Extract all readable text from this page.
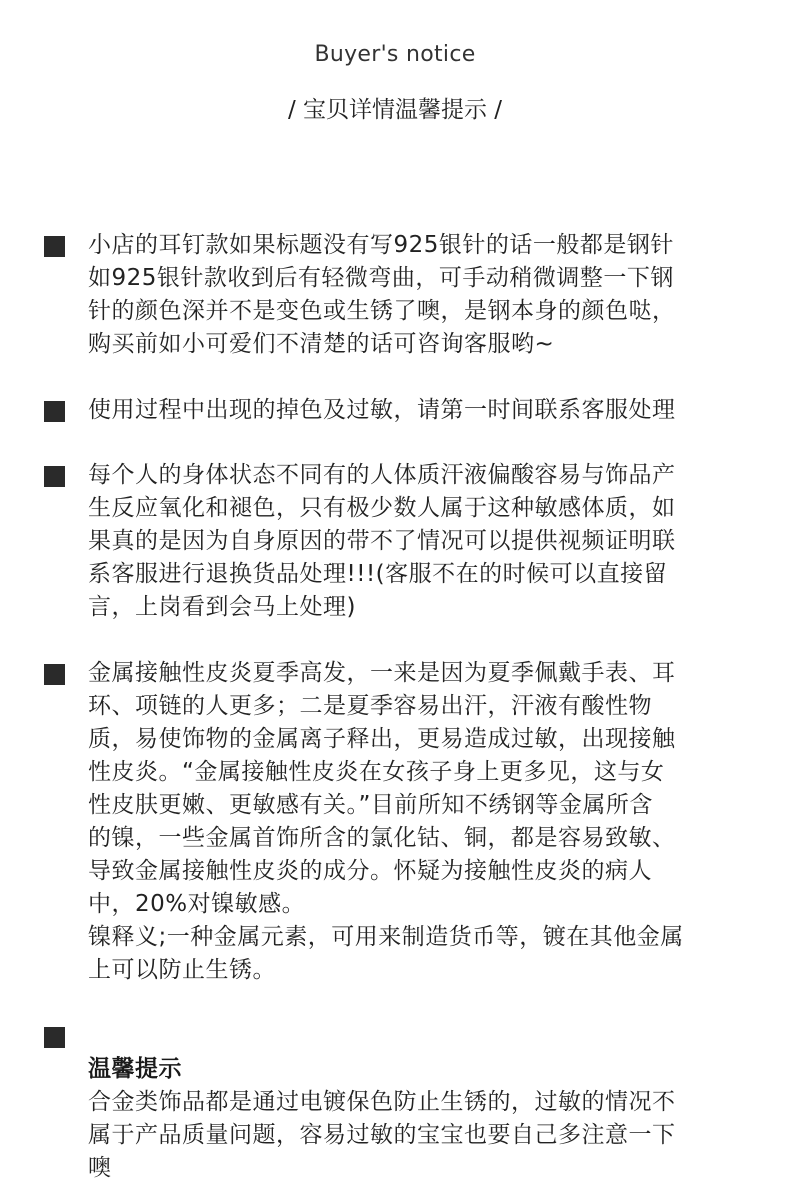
Buyer's notice
/ 宝贝详情温馨提示 /
小店的耳钉款如果标题没有写925银针的话一般都是钢针
如925银针款收到后有轻微弯曲，可手动稍微调整一下钢
针的颜色深并不是变色或生锈了噢，是钢本身的颜色哒，
购买前如小可爱们不清楚的话可咨询客服哟~
使用过程中出现的掉色及过敏，请第一时间联系客服处理
每个人的身体状态不同有的人体质汗液偏酸容易与饰品产
生反应氧化和褪色，只有极少数人属于这种敏感体质，如
果真的是因为自身原因的带不了情况可以提供视频证明联
系客服进行退换货品处理!!!(客服不在的时候可以直接留
言，上岗看到会马上处理)
金属接触性皮炎夏季高发，一来是因为夏季佩戴手表、耳
环、项链的人更多；二是夏季容易出汗，汗液有酸性物
质，易使饰物的金属离子释出，更易造成过敏，出现接触
性皮炎。“金属接触性皮炎在女孩子身上更多见，这与女
性皮肤更嫩、更敏感有关。”目前所知不绣钢等金属所含
的镍，一些金属首饰所含的氯化钴、铜，都是容易致敏、
导致金属接触性皮炎的成分。怀疑为接触性皮炎的病人
中，20%对镍敏感。
镍释义;一种金属元素，可用来制造货币等，镀在其他金属
上可以防止生锈。

温馨提示
合金类饰品都是通过电镀保色防止生锈的，过敏的情况不
属于产品质量问题，容易过敏的宝宝也要自己多注意一下
噢
